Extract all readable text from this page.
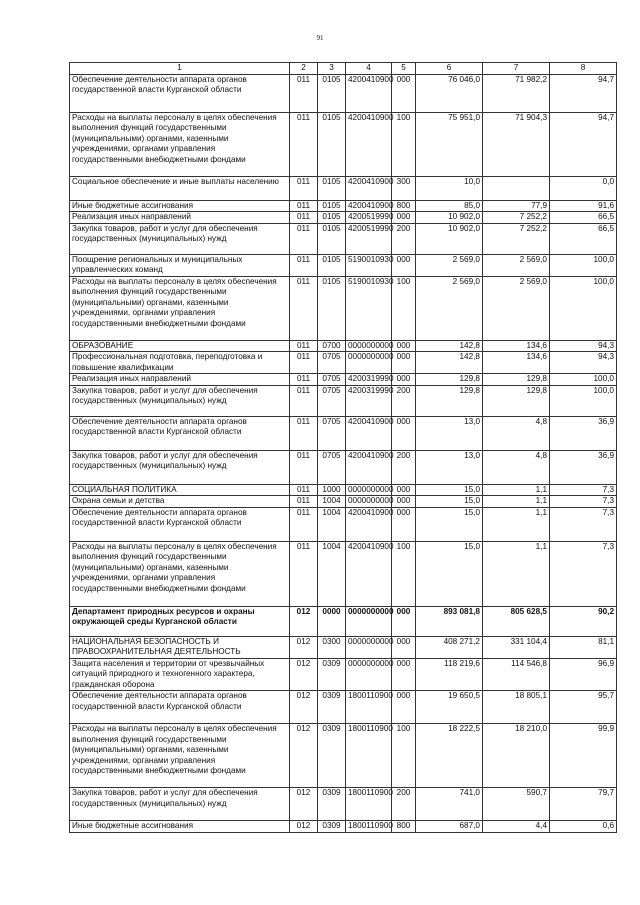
91
1	2	3	4	5	6	7	8
Обеспечение деятельности аппарата органов государственной власти Курганской области	011	0105	4200410900	000	76 046,0	71 982,2	94,7
Расходы на выплаты персоналу в целях обеспечения выполнения функций государственными (муниципальными) органами, казенными учреждениями, органами управления государственными внебюджетными фондами	011	0105	4200410900	100	75 951,0	71 904,3	94,7
Социальное обеспечение и иные выплаты населению	011	0105	4200410900	300	10,0		0,0
Иные бюджетные ассигнования	011	0105	4200410900	800	85,0	77,9	91,6
Реализация иных направлений	011	0105	4200519990	000	10 902,0	7 252,2	66,5
Закупка товаров, работ и услуг для обеспечения государственных (муниципальных) нужд	011	0105	4200519990	200	10 902,0	7 252,2	66,5
Поощрение региональных и муниципальных управленческих команд	011	0105	5190010930	000	2 569,0	2 569,0	100,0
Расходы на выплаты персоналу в целях обеспечения выполнения функций государственными (муниципальными) органами, казенными учреждениями, органами управления государственными внебюджетными фондами	011	0105	5190010930	100	2 569,0	2 569,0	100,0
ОБРАЗОВАНИЕ	011	0700	0000000000	000	142,8	134,6	94,3
Профессиональная подготовка, переподготовка и повышение квалификации	011	0705	0000000000	000	142,8	134,6	94,3
Реализация иных направлений	011	0705	4200319990	000	129,8	129,8	100,0
Закупка товаров, работ и услуг для обеспечения государственных (муниципальных) нужд	011	0705	4200319990	200	129,8	129,8	100,0
Обеспечение деятельности аппарата органов государственной власти Курганской области	011	0705	4200410900	000	13,0	4,8	36,9
Закупка товаров, работ и услуг для обеспечения государственных (муниципальных) нужд	011	0705	4200410900	200	13,0	4,8	36,9
СОЦИАЛЬНАЯ ПОЛИТИКА	011	1000	0000000000	000	15,0	1,1	7,3
Охрана семьи и детства	011	1004	0000000000	000	15,0	1,1	7,3
Обеспечение деятельности аппарата органов государственной власти Курганской области	011	1004	4200410900	000	15,0	1,1	7,3
Расходы на выплаты персоналу в целях обеспечения выполнения функций государственными (муниципальными) органами, казенными учреждениями, органами управления государственными внебюджетными фондами	011	1004	4200410900	100	15,0	1,1	7,3
Департамент природных ресурсов и охраны окружающей среды Курганской области	012	0000	0000000000	000	893 081,8	805 628,5	90,2
НАЦИОНАЛЬНАЯ БЕЗОПАСНОСТЬ И ПРАВООХРАНИТЕЛЬНАЯ ДЕЯТЕЛЬНОСТЬ	012	0300	0000000000	000	408 271,2	331 104,4	81,1
Защита населения и территории от чрезвычайных ситуаций природного и техногенного характера, гражданская оборона	012	0309	0000000000	000	118 219,6	114 546,8	96,9
Обеспечение деятельности аппарата органов государственной власти Курганской области	012	0309	1800110900	000	19 650,5	18 805,1	95,7
Расходы на выплаты персоналу в целях обеспечения выполнения функций государственными (муниципальными) органами, казенными учреждениями, органами управления государственными внебюджетными фондами	012	0309	1800110900	100	18 222,5	18 210,0	99,9
Закупка товаров, работ и услуг для обеспечения государственных (муниципальных) нужд	012	0309	1800110900	200	741,0	590,7	79,7
Иные бюджетные ассигнования	012	0309	1800110900	800	687,0	4,4	0,6
